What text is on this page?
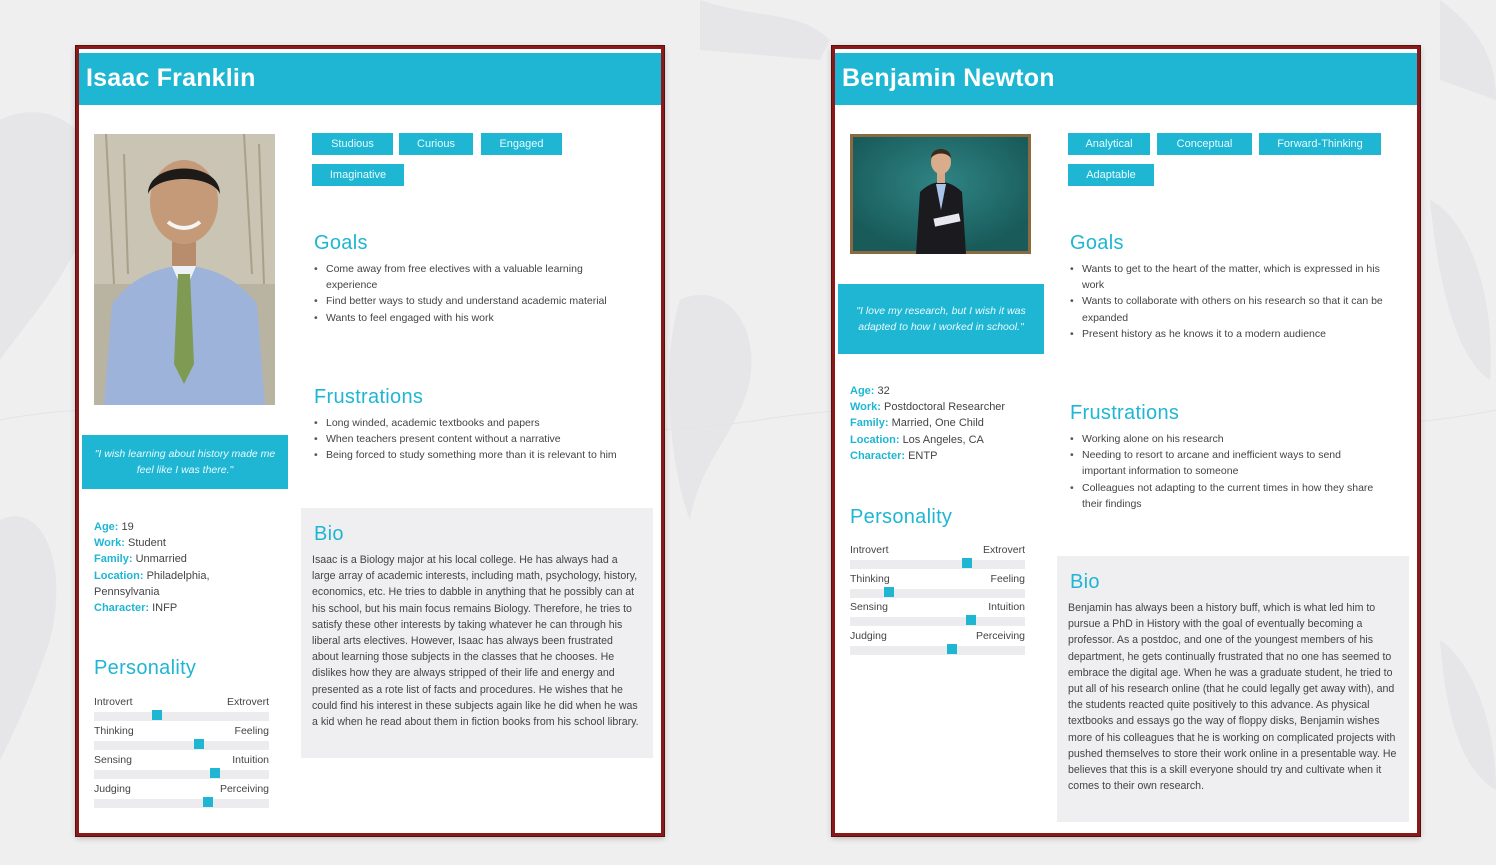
Isaac Franklin
"I wish learning about history made me feel like I was there."
Age: 19
Work: Student
Family: Unmarried
Location: Philadelphia, Pennsylvania
Character: INFP
Personality
Introvert	Extrovert
Thinking	Feeling
Sensing	Intuition
Judging	Perceiving
Studious	Curious	Engaged
Imaginative
Goals
• Come away from free electives with a valuable learning experience
• Find better ways to study and understand academic material
• Wants to feel engaged with his work
Frustrations
• Long winded, academic textbooks and papers
• When teachers present content without a narrative
• Being forced to study something more than it is relevant to him
Bio
Isaac is a Biology major at his local college. He has always had a large array of academic interests, including math, psychology, history, economics, etc. He tries to dabble in anything that he possibly can at his school, but his main focus remains Biology. Therefore, he tries to satisfy these other interests by taking whatever he can through his liberal arts electives. However, Isaac has always been frustrated about learning those subjects in the classes that he chooses. He dislikes how they are always stripped of their life and energy and presented as a rote list of facts and procedures. He wishes that he could find his interest in these subjects again like he did when he was a kid when he read about them in fiction books from his school library.
Benjamin Newton
"I love my research, but I wish it was adapted to how I worked in school."
Age: 32
Work: Postdoctoral Researcher
Family: Married, One Child
Location: Los Angeles, CA
Character: ENTP
Personality
Introvert	Extrovert
Thinking	Feeling
Sensing	Intuition
Judging	Perceiving
Analytical	Conceptual	Forward-Thinking
Adaptable
Goals
• Wants to get to the heart of the matter, which is expressed in his work
• Wants to collaborate with others on his research so that it can be expanded
• Present history as he knows it to a modern audience
Frustrations
• Working alone on his research
• Needing to resort to arcane and inefficient ways to send important information to someone
• Colleagues not adapting to the current times in how they share their findings
Bio
Benjamin has always been a history buff, which is what led him to pursue a PhD in History with the goal of eventually becoming a professor. As a postdoc, and one of the youngest members of his department, he gets continually frustrated that no one has seemed to embrace the digital age. When he was a graduate student, he tried to put all of his research online (that he could legally get away with), and the students reacted quite positively to this advance. As physical textbooks and essays go the way of floppy disks, Benjamin wishes more of his colleagues that he is working on complicated projects with pushed themselves to store their work online in a presentable way. He believes that this is a skill everyone should try and cultivate when it comes to their own research.
